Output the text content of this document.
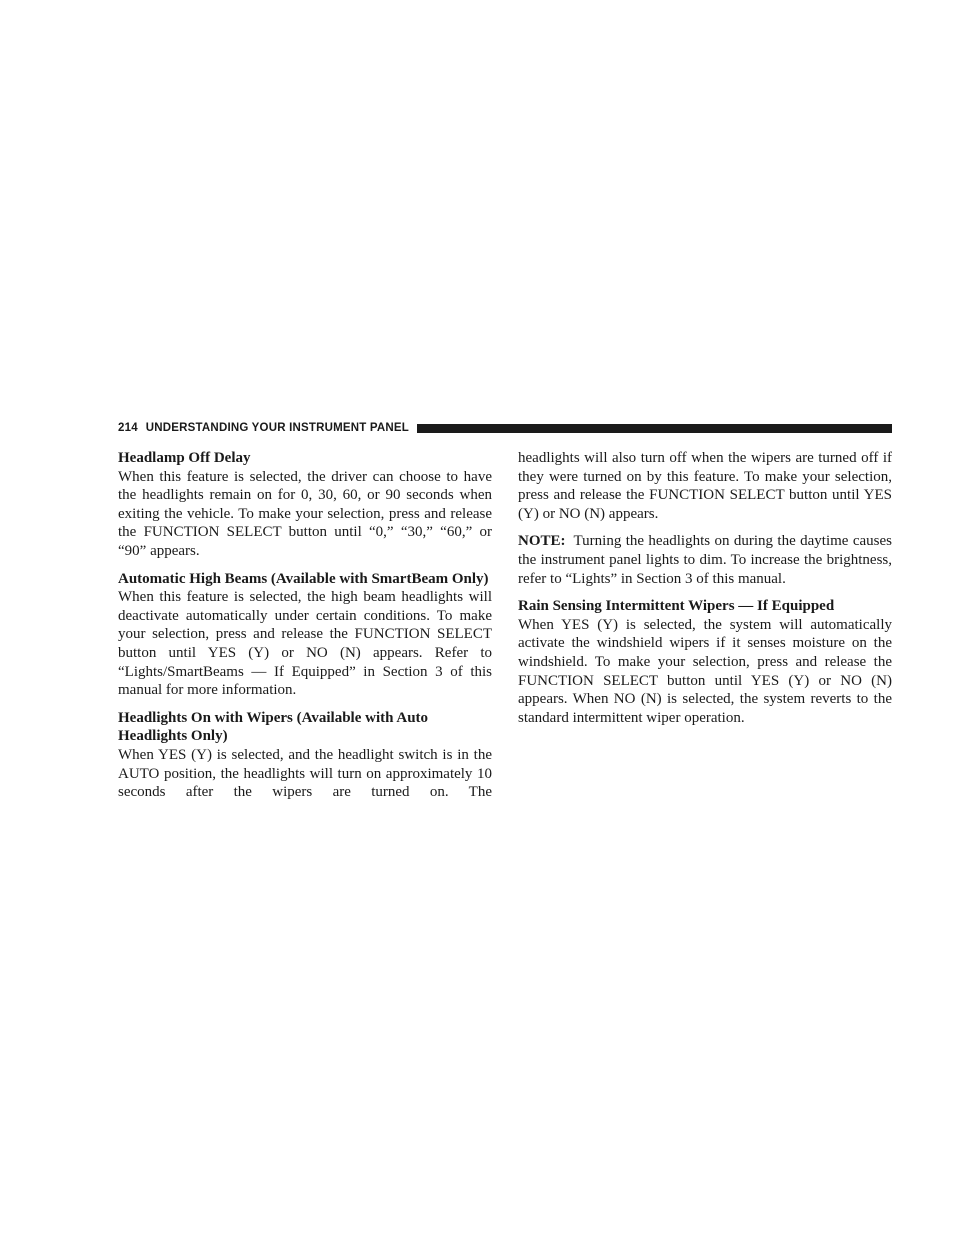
214 UNDERSTANDING YOUR INSTRUMENT PANEL

Headlamp Off Delay

When this feature is selected, the driver can choose to have the headlights remain on for 0, 30, 60, or 90 seconds when exiting the vehicle. To make your selection, press and release the FUNCTION SELECT button until “0,” “30,” “60,” or “90” appears.

Automatic High Beams (Available with SmartBeam Only)

When this feature is selected, the high beam headlights will deactivate automatically under certain conditions. To make your selection, press and release the FUNCTION SELECT button until YES (Y) or NO (N) appears. Refer to “Lights/SmartBeams — If Equipped” in Section 3 of this manual for more information.

Headlights On with Wipers (Available with Auto Headlights Only)

When YES (Y) is selected, and the headlight switch is in the AUTO position, the headlights will turn on approximately 10 seconds after the wipers are turned on. The

headlights will also turn off when the wipers are turned off if they were turned on by this feature. To make your selection, press and release the FUNCTION SELECT button until YES (Y) or NO (N) appears.

NOTE: Turning the headlights on during the daytime causes the instrument panel lights to dim. To increase the brightness, refer to “Lights” in Section 3 of this manual.

Rain Sensing Intermittent Wipers — If Equipped

When YES (Y) is selected, the system will automatically activate the windshield wipers if it senses moisture on the windshield. To make your selection, press and release the FUNCTION SELECT button until YES (Y) or NO (N) appears. When NO (N) is selected, the system reverts to the standard intermittent wiper operation.
